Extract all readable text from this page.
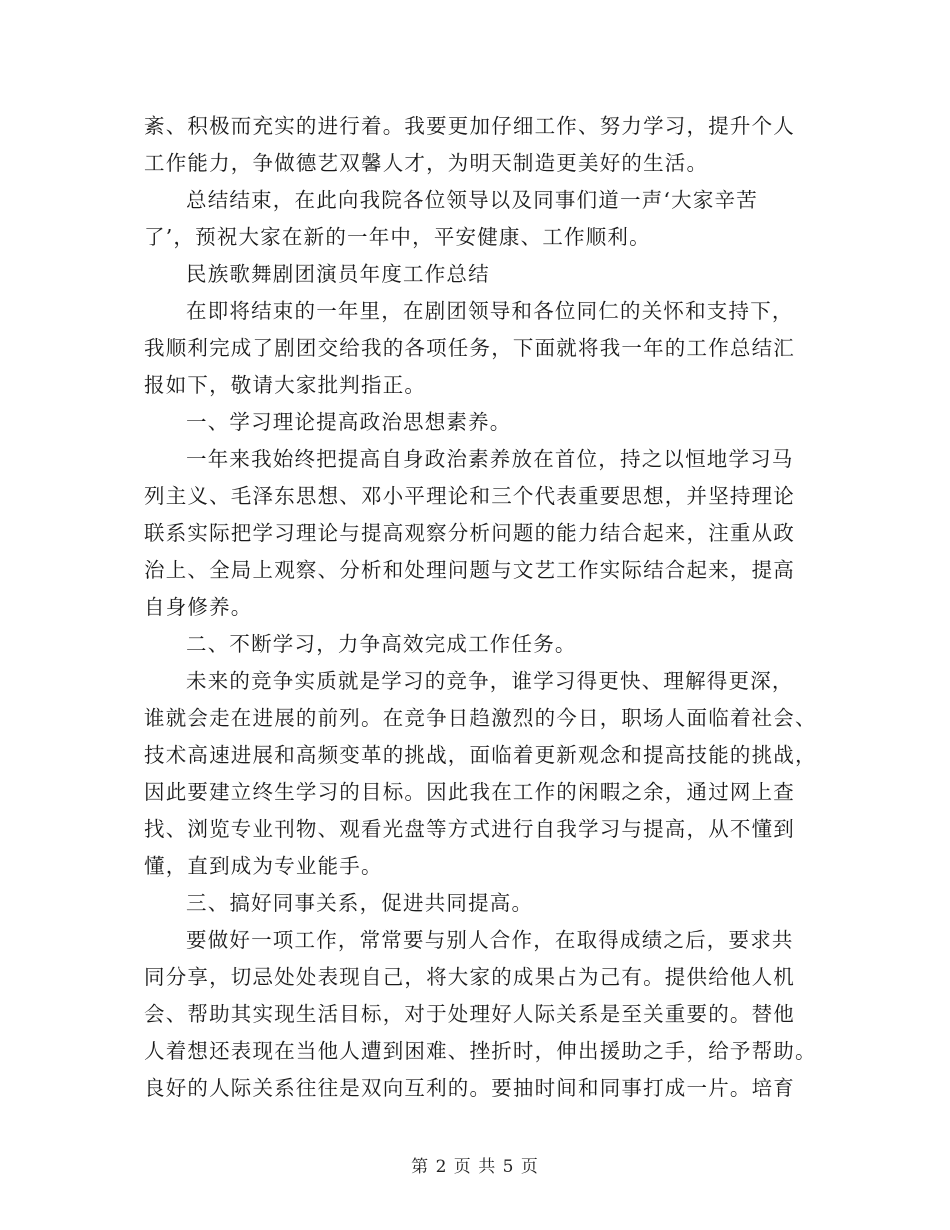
紊、积极而充实的进行着。我要更加仔细工作、努力学习，提升个人
工作能力，争做德艺双馨人才，为明天制造更美好的生活。
总结结束，在此向我院各位领导以及同事们道一声‘大家辛苦
了’，预祝大家在新的一年中，平安健康、工作顺利。
民族歌舞剧团演员年度工作总结
在即将结束的一年里，在剧团领导和各位同仁的关怀和支持下，
我顺利完成了剧团交给我的各项任务，下面就将我一年的工作总结汇
报如下，敬请大家批判指正。
一、学习理论提高政治思想素养。
一年来我始终把提高自身政治素养放在首位，持之以恒地学习马
列主义、毛泽东思想、邓小平理论和三个代表重要思想，并坚持理论
联系实际把学习理论与提高观察分析问题的能力结合起来，注重从政
治上、全局上观察、分析和处理问题与文艺工作实际结合起来，提高
自身修养。
二、不断学习，力争高效完成工作任务。
未来的竞争实质就是学习的竞争，谁学习得更快、理解得更深，
谁就会走在进展的前列。在竞争日趋激烈的今日，职场人面临着社会、
技术高速进展和高频变革的挑战，面临着更新观念和提高技能的挑战，
因此要建立终生学习的目标。因此我在工作的闲暇之余，通过网上查
找、浏览专业刊物、观看光盘等方式进行自我学习与提高，从不懂到
懂，直到成为专业能手。
三、搞好同事关系，促进共同提高。
要做好一项工作，常常要与别人合作，在取得成绩之后，要求共
同分享，切忌处处表现自己，将大家的成果占为己有。提供给他人机
会、帮助其实现生活目标，对于处理好人际关系是至关重要的。替他
人着想还表现在当他人遭到困难、挫折时，伸出援助之手，给予帮助。
良好的人际关系往往是双向互利的。要抽时间和同事打成一片。培育
第 2 页 共 5 页
